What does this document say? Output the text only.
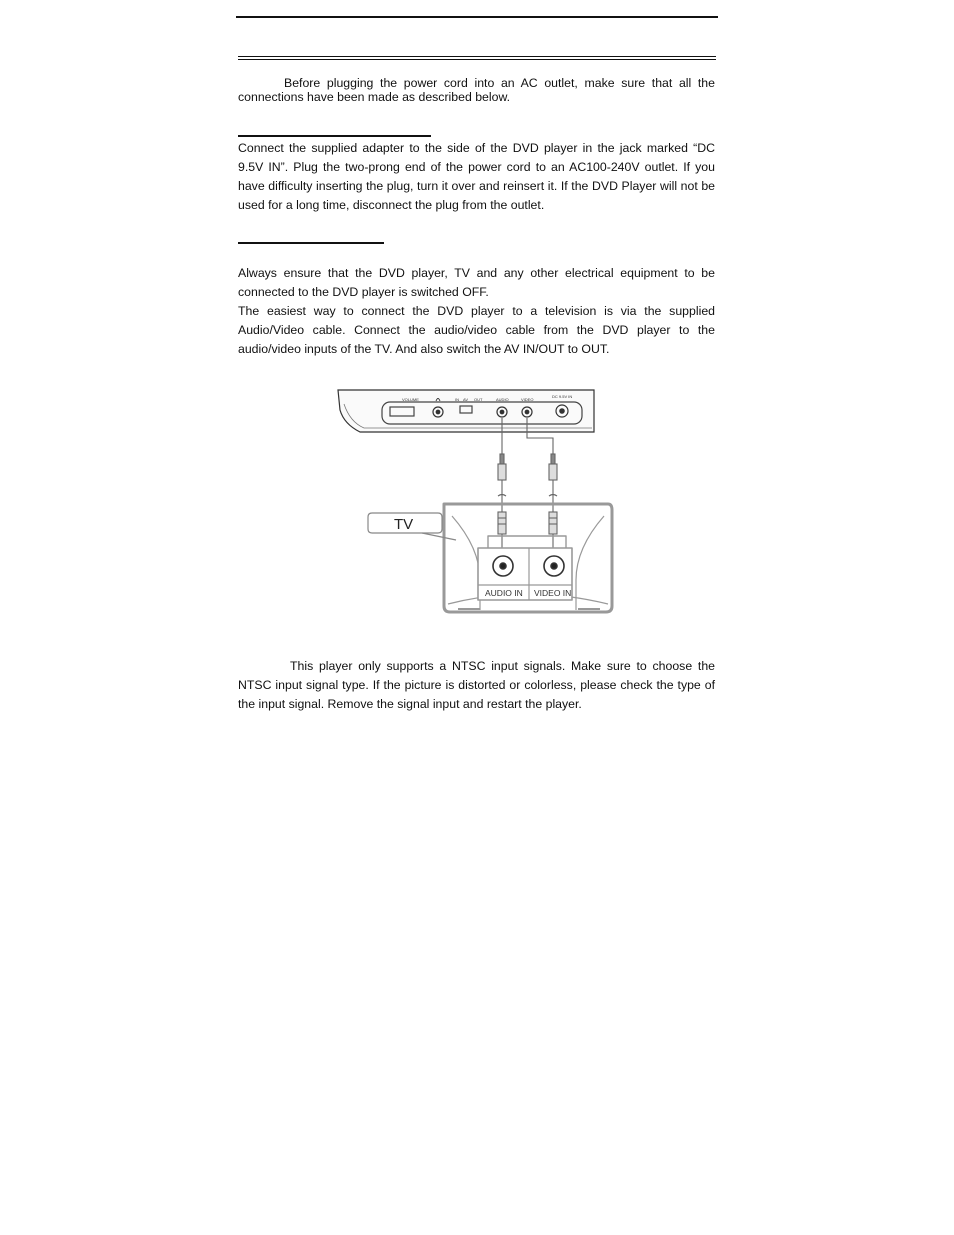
Before plugging the power cord into an AC outlet, make sure that all the connections have been made as described below.

Connect the supplied adapter to the side of the DVD player in the jack marked “DC 9.5V IN”. Plug the two-prong end of the power cord to an AC100-240V outlet. If you have difficulty inserting the plug, turn it over and reinsert it. If the DVD Player will not be used for a long time, disconnect the plug from the outlet.

Always ensure that the DVD player, TV and any other electrical equipment to be connected to the DVD player is switched OFF.

The easiest way to connect the DVD player to a television is via the supplied Audio/Video cable. Connect the audio/video cable from the DVD player to the audio/video inputs of the TV. And also switch the AV IN/OUT to OUT.

VOLUME	IN AV OUT	AUDIO	VIDEO
DC 9.5V IN
AUDIO IN VIDEO IN
TV

This player only supports a NTSC input signals. Make sure to choose the NTSC input signal type. If the picture is distorted or colorless, please check the type of the input signal. Remove the signal input and restart the player.
